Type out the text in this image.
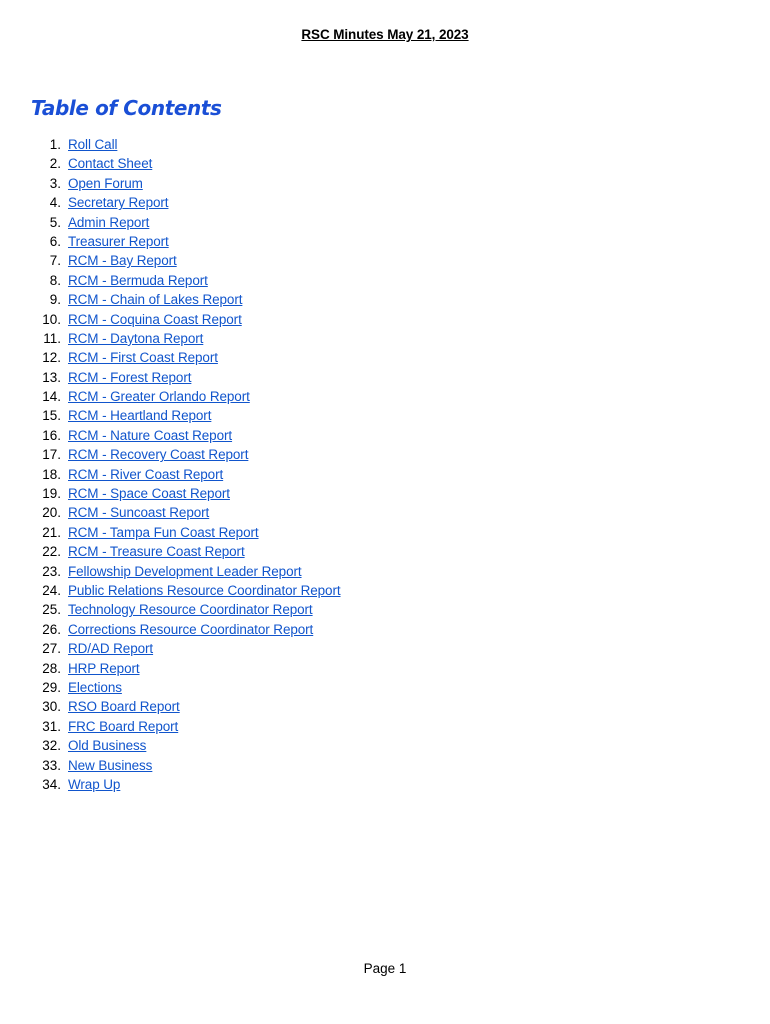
RSC Minutes May 21, 2023
Table of Contents
1. Roll Call
2. Contact Sheet
3. Open Forum
4. Secretary Report
5. Admin Report
6. Treasurer Report
7. RCM - Bay Report
8. RCM - Bermuda Report
9. RCM - Chain of Lakes Report
10. RCM - Coquina Coast Report
11. RCM - Daytona Report
12. RCM - First Coast Report
13. RCM - Forest Report
14. RCM - Greater Orlando Report
15. RCM - Heartland Report
16. RCM - Nature Coast Report
17. RCM - Recovery Coast Report
18. RCM - River Coast Report
19. RCM - Space Coast Report
20. RCM - Suncoast Report
21. RCM - Tampa Fun Coast Report
22. RCM - Treasure Coast Report
23. Fellowship Development Leader Report
24. Public Relations Resource Coordinator Report
25. Technology Resource Coordinator Report
26. Corrections Resource Coordinator Report
27. RD/AD Report
28. HRP Report
29. Elections
30. RSO Board Report
31. FRC Board Report
32. Old Business
33. New Business
34. Wrap Up
Page 1
